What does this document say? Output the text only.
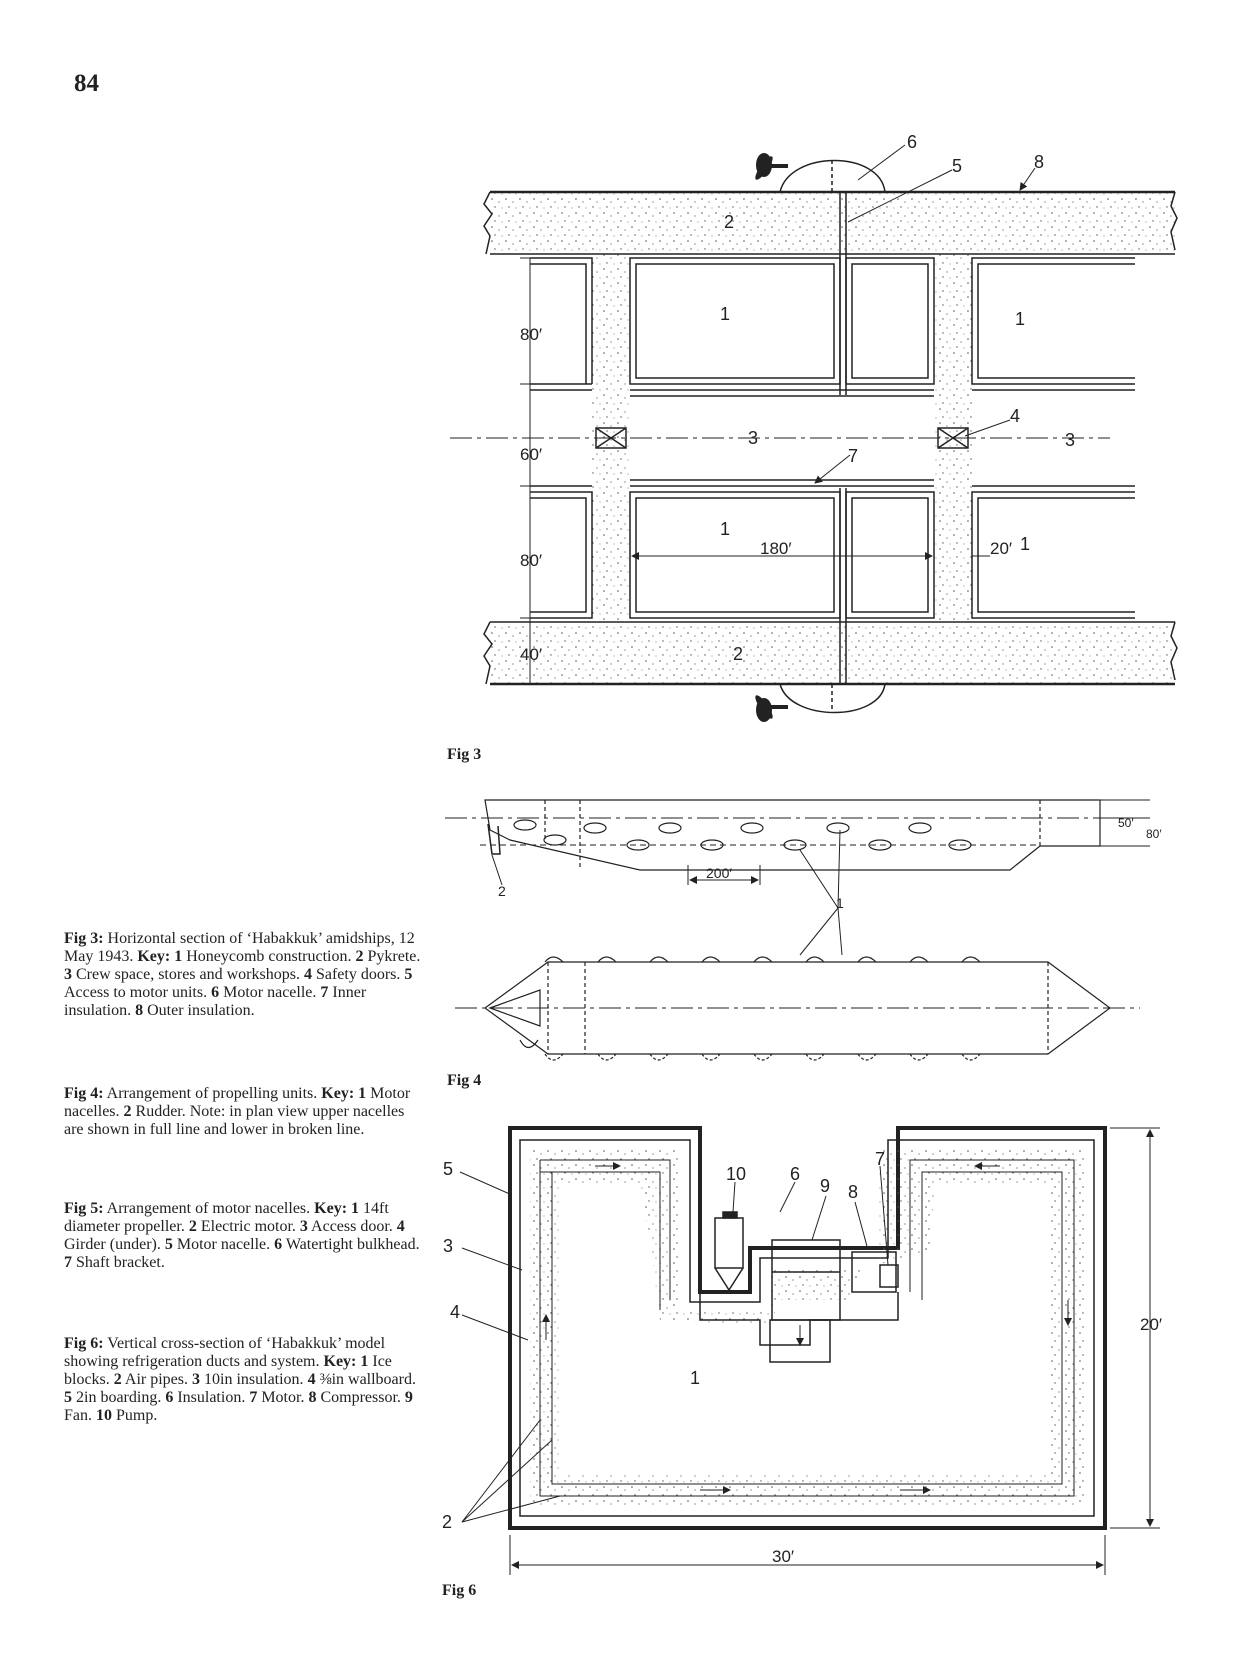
84
Fig 3: Horizontal section of ‘Habakkuk’ amidships, 12 May 1943. Key: 1 Honeycomb construction. 2 Pykrete. 3 Crew space, stores and workshops. 4 Safety doors. 5 Access to motor units. 6 Motor nacelle. 7 Inner insulation. 8 Outer insulation.
Fig 4: Arrangement of propelling units. Key: 1 Motor nacelles. 2 Rudder. Note: in plan view upper nacelles are shown in full line and lower in broken line.
Fig 5: Arrangement of motor nacelles. Key: 1 14ft diameter propeller. 2 Electric motor. 3 Access door. 4 Girder (under). 5 Motor nacelle. 6 Watertight bulkhead. 7 Shaft bracket.
Fig 6: Vertical cross-section of ‘Habakkuk’ model showing refrigeration ducts and system. Key: 1 Ice blocks. 2 Air pipes. 3 10in insulation. 4 ⅜in wallboard. 5 2in boarding. 6 Insulation. 7 Motor. 8 Compressor. 9 Fan. 10 Pump.
Fig 3
Fig 4
Fig 6
80′
60′
80′
40′
180′	20′
1	1
1
1
2
2
3	3
4
5
6
7
8
200′
50′
80′
1
2
20′
30′
1
2
3
4
5	6
7
8
9
10
